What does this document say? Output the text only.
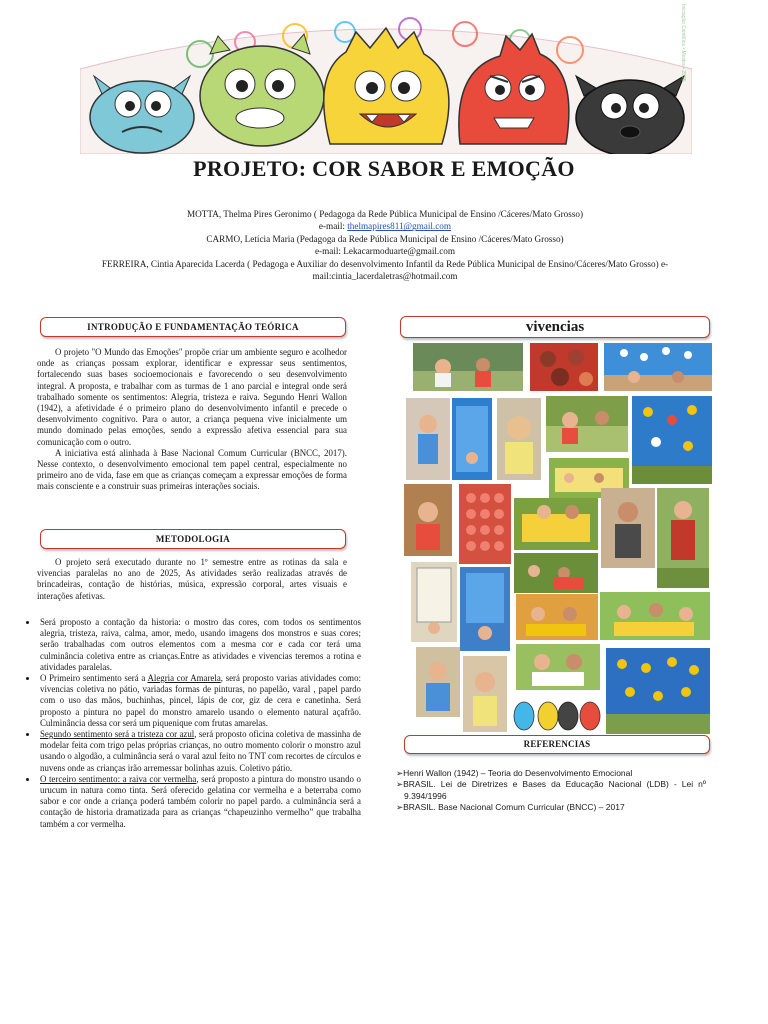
Iniciação Científica • Mostra • 2025
PROJETO: COR SABOR E EMOÇÃO
MOTTA, Thelma Pires Geronimo ( Pedagoga da Rede Pública Municipal de Ensino /Cáceres/Mato Grosso)
e-mail: thelmapires811@gmail.com
CARMO, Letícia Maria (Pedagoga da Rede Pública Municipal de Ensino /Cáceres/Mato Grosso)
e-mail: Lekacarmoduarte@gmail.com
FERREIRA, Cintia Aparecida Lacerda ( Pedagoga e Auxiliar do desenvolvimento Infantil da Rede Pública Municipal de Ensino/Cáceres/Mato Grosso) e-mail:cintia_lacerdaletras@hotmail.com
INTRODUÇÃO E FUNDAMENTAÇÃO TEÓRICA

O projeto "O Mundo das Emoções" propõe criar um ambiente seguro e acolhedor onde as crianças possam explorar, identificar e expressar seus sentimentos, fortalecendo suas bases socioemocionais e favorecendo o seu desenvolvimento integral. A proposta, e trabalhar com as turmas de 1 ano parcial e integral onde será trabalhado somente os sentimentos: Alegria, tristeza e raiva. Segundo Henri Wallon (1942), a afetividade é o primeiro plano do desenvolvimento infantil e precede o desenvolvimento cognitivo. Para o autor, a criança pequena vive inicialmente um mundo dominado pelas emoções, sendo a expressão afetiva essencial para sua comunicação com o outro.

A iniciativa está alinhada à Base Nacional Comum Curricular (BNCC, 2017). Nesse contexto, o desenvolvimento emocional tem papel central, especialmente no primeiro ano de vida, fase em que as crianças começam a expressar emoções de forma mais consciente e a construir suas primeiras interações sociais.

METODOLOGIA

O projeto será executado durante no 1º semestre entre as rotinas da sala e vivencias paralelas no ano de 2025, As atividades serão realizadas através de brincadeiras, contação de histórias, música, expressão corporal, artes visuais e interações afetivas.

• Será proposto a contação da historia: o mostro das cores, com todos os sentimentos alegria, tristeza, raiva, calma, amor, medo, usando imagens dos monstros e suas cores; serão trabalhadas com outros elementos com a mesma cor e cada cor terá uma culminância coletiva entre as crianças.Entre as atividades e vivencias teremos a rotina e atividades paralelas.
• O Primeiro sentimento será a Alegria cor Amarela, será proposto varias atividades como: vivencias coletiva no pátio, variadas formas de pinturas, no papelão, varal , papel pardo com o uso das mãos, buchinhas, pincel, lápis de cor, giz de cera e canetinha. Será proposto a pintura no papel do monstro amarelo usando o elemento natural açafrão. Culminância dessa cor será um piquenique com frutas amarelas.
• Segundo sentimento será a tristeza cor azul, será proposto oficina coletiva de massinha de modelar feita com trigo pelas próprias crianças, no outro momento colorir o monstro azul usando o algodão, a culminância será o varal azul feito no TNT com recortes de círculos e nuvens onde as crianças irão arremessar bolinhas azuis. Coletivo pátio.
• O terceiro sentimento: a raiva cor vermelha, será proposto a pintura do monstro usando o urucum in natura como tinta. Será oferecido gelatina cor vermelha e a beterraba como sabor e cor onde a criança poderá também colorir no papel pardo. a culminância será a contação de historia dramatizada para as crianças “chapeuzinho vermelho” que trabalha também a cor vermelha.
vivencias
REFERENCIAS

➢Henri Wallon (1942) – Teoria do Desenvolvimento Emocional

➢BRASIL. Lei de Diretrizes e Bases da Educação Nacional (LDB) - Lei nº 9.394/1996

➢BRASIL. Base Nacional Comum Curricular (BNCC) – 2017
